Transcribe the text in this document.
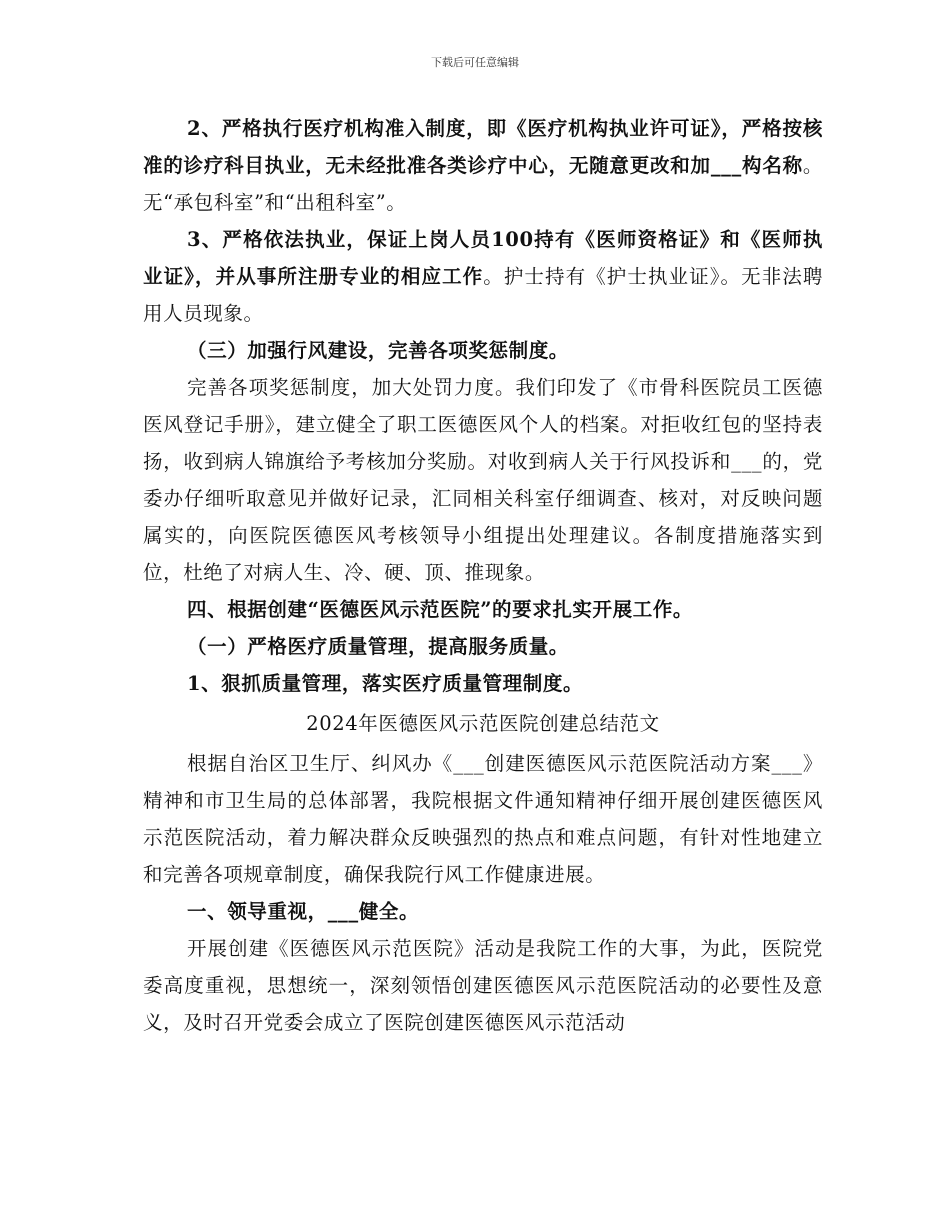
下载后可任意编辑

2、严格执行医疗机构准入制度，即《医疗机构执业许可证》，严格按核准的诊疗科目执业，无未经批准各类诊疗中心，无随意更改和加___构名称。无“承包科室”和“出租科室”。

3、严格依法执业，保证上岗人员100持有《医师资格证》和《医师执业证》，并从事所注册专业的相应工作。护士持有《护士执业证》。无非法聘用人员现象。

（三）加强行风建设，完善各项奖惩制度。

完善各项奖惩制度，加大处罚力度。我们印发了《市骨科医院员工医德医风登记手册》，建立健全了职工医德医风个人的档案。对拒收红包的坚持表扬，收到病人锦旗给予考核加分奖励。对收到病人关于行风投诉和___的，党委办仔细听取意见并做好记录，汇同相关科室仔细调查、核对，对反映问题属实的，向医院医德医风考核领导小组提出处理建议。各制度措施落实到位，杜绝了对病人生、冷、硬、顶、推现象。

四、根据创建“医德医风示范医院”的要求扎实开展工作。

（一）严格医疗质量管理，提高服务质量。

1、狠抓质量管理，落实医疗质量管理制度。

2024年医德医风示范医院创建总结范文

根据自治区卫生厅、纠风办《___创建医德医风示范医院活动方案___》精神和市卫生局的总体部署，我院根据文件通知精神仔细开展创建医德医风示范医院活动，着力解决群众反映强烈的热点和难点问题，有针对性地建立和完善各项规章制度，确保我院行风工作健康进展。

一、领导重视，___健全。

开展创建《医德医风示范医院》活动是我院工作的大事，为此，医院党委高度重视，思想统一，深刻领悟创建医德医风示范医院活动的必要性及意义，及时召开党委会成立了医院创建医德医风示范活动
